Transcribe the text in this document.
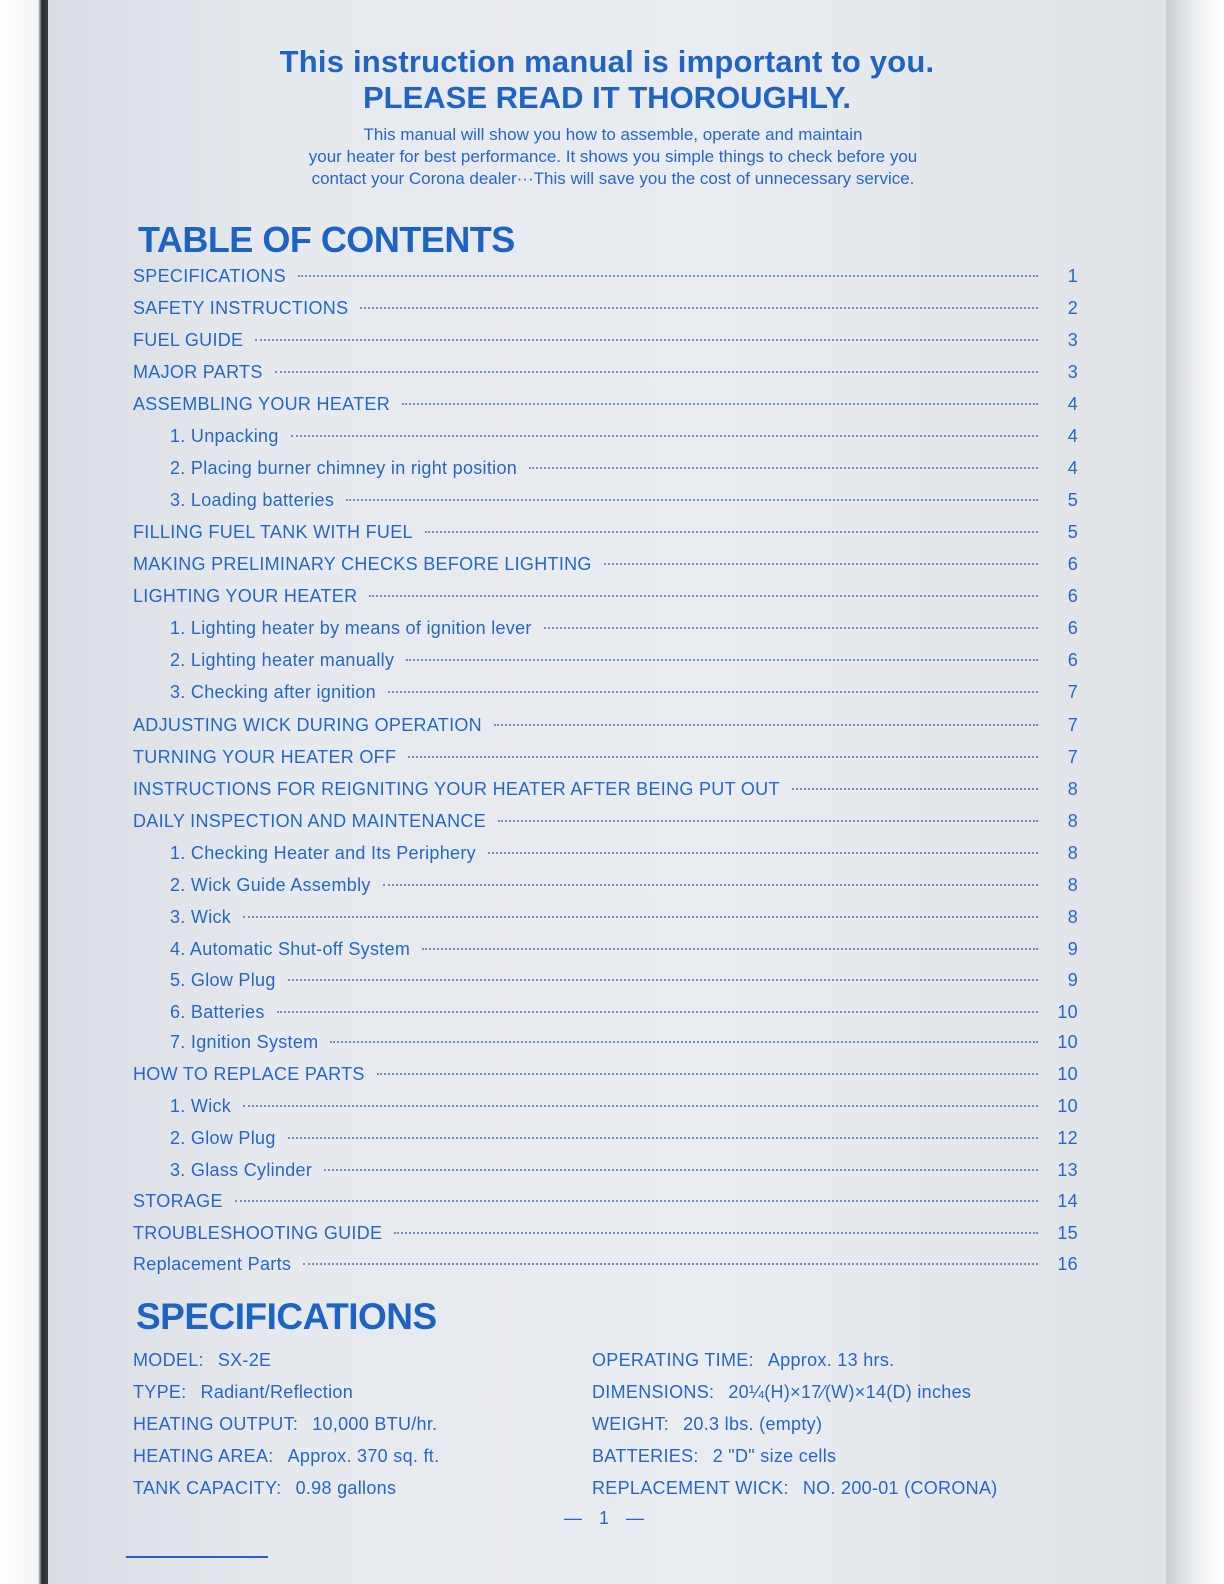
This instruction manual is important to you.
PLEASE READ IT THOROUGHLY.
This manual will show you how to assemble, operate and maintain
your heater for best performance. It shows you simple things to check before you
contact your Corona dealer···This will save you the cost of unnecessary service.
TABLE OF CONTENTS
SPECIFICATIONS	1
SAFETY INSTRUCTIONS	2
FUEL GUIDE	3
MAJOR PARTS	3
ASSEMBLING YOUR HEATER	4
1. Unpacking	4
2. Placing burner chimney in right position	4
3. Loading batteries	5
FILLING FUEL TANK WITH FUEL	5
MAKING PRELIMINARY CHECKS BEFORE LIGHTING	6
LIGHTING YOUR HEATER	6
1. Lighting heater by means of ignition lever	6
2. Lighting heater manually	6
3. Checking after ignition	7
ADJUSTING WICK DURING OPERATION	7
TURNING YOUR HEATER OFF	7
INSTRUCTIONS FOR REIGNITING YOUR HEATER AFTER BEING PUT OUT	8
DAILY INSPECTION AND MAINTENANCE	8
1. Checking Heater and Its Periphery	8
2. Wick Guide Assembly	8
3. Wick	8
4. Automatic Shut-off System	9
5. Glow Plug	9
6. Batteries	10
7. Ignition System	10
HOW TO REPLACE PARTS	10
1. Wick	10
2. Glow Plug	12
3. Glass Cylinder	13
STORAGE	14
TROUBLESHOOTING GUIDE	15
Replacement Parts	16
SPECIFICATIONS
MODEL: SX-2E
TYPE: Radiant/Reflection
HEATING OUTPUT: 10,000 BTU/hr.
HEATING AREA: Approx. 370 sq. ft.
TANK CAPACITY: 0.98 gallons
OPERATING TIME: Approx. 13 hrs.
DIMENSIONS: 20¼(H)×17⁄(W)×14(D) inches
WEIGHT: 20.3 lbs. (empty)
BATTERIES: 2 "D" size cells
REPLACEMENT WICK: NO. 200-01 (CORONA)
— 1 —
